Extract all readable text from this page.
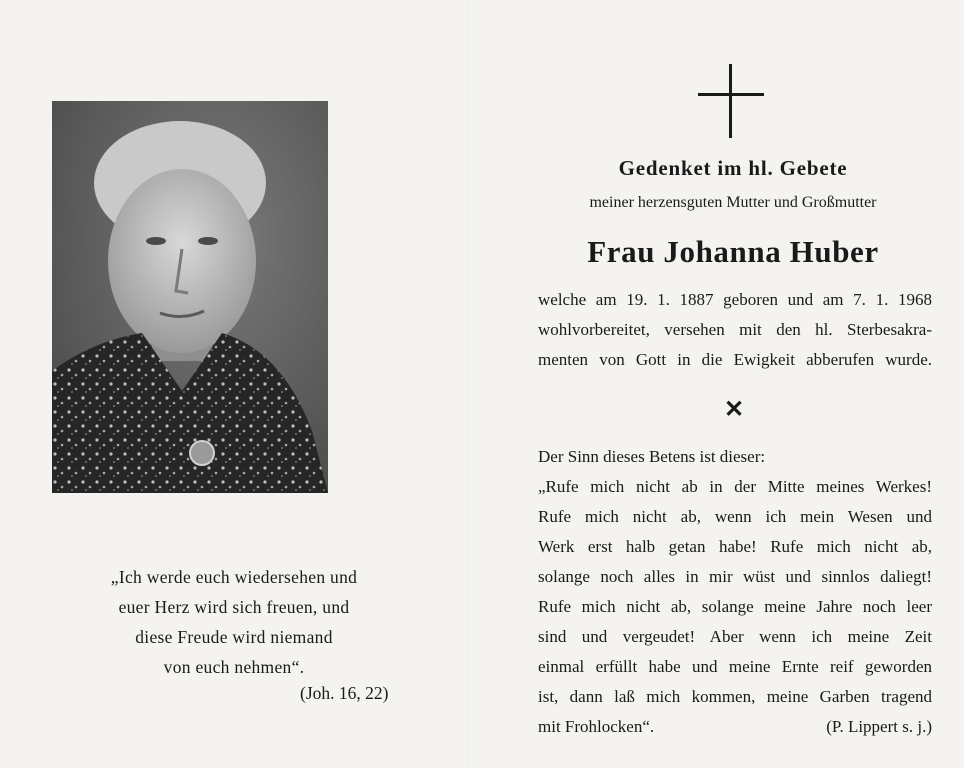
„Ich werde euch wiedersehen und
euer Herz wird sich freuen, und
diese Freude wird niemand
von euch nehmen“.
(Joh. 16, 22)
Gedenket im hl. Gebete
meiner herzensguten Mutter und Großmutter
Frau Johanna Huber
welche am 19. 1. 1887 geboren und am 7. 1. 1968
wohlvorbereitet, versehen mit den hl. Sterbesakra-
menten von Gott in die Ewigkeit abberufen wurde.
✕
Der Sinn dieses Betens ist dieser:
„Rufe mich nicht ab in der Mitte meines Werkes!
Rufe mich nicht ab, wenn ich mein Wesen und
Werk erst halb getan habe! Rufe mich nicht ab,
solange noch alles in mir wüst und sinnlos daliegt!
Rufe mich nicht ab, solange meine Jahre noch leer
sind und vergeudet! Aber wenn ich meine Zeit
einmal erfüllt habe und meine Ernte reif geworden
ist, dann laß mich kommen, meine Garben tragend
mit Frohlocken“.	(P. Lippert s. j.)
